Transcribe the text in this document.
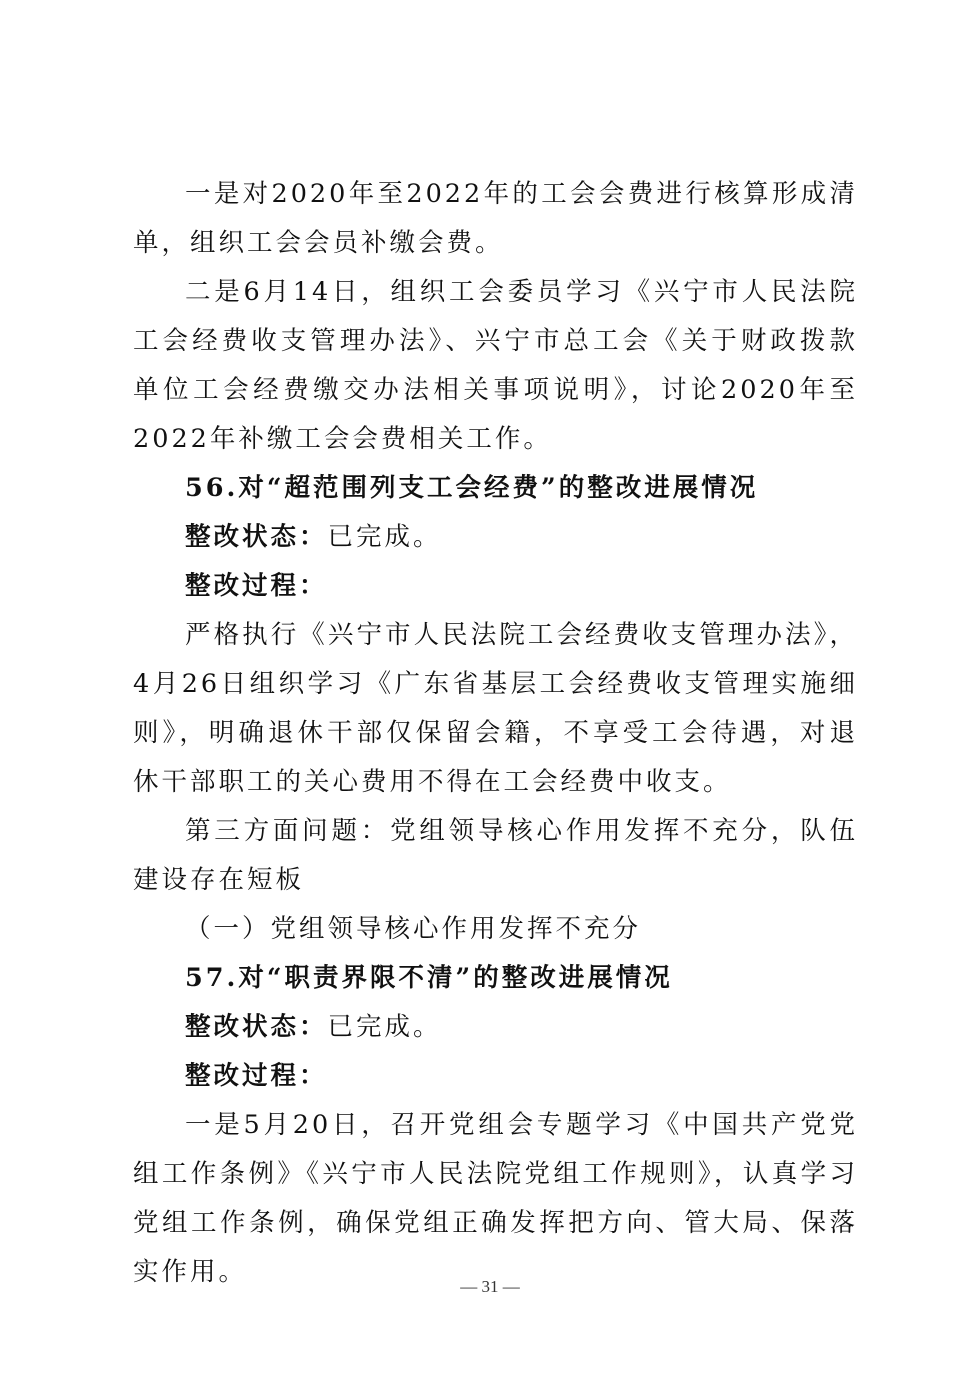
一是对2020年至2022年的工会会费进行核算形成清单，组织工会会员补缴会费。

二是6月14日，组织工会委员学习《兴宁市人民法院工会经费收支管理办法》、兴宁市总工会《关于财政拨款单位工会经费缴交办法相关事项说明》，讨论2020年至2022年补缴工会会费相关工作。

56.对“超范围列支工会经费”的整改进展情况

整改状态：已完成。

整改过程：

严格执行《兴宁市人民法院工会经费收支管理办法》，4月26日组织学习《广东省基层工会经费收支管理实施细则》，明确退休干部仅保留会籍，不享受工会待遇，对退休干部职工的关心费用不得在工会经费中收支。

第三方面问题：党组领导核心作用发挥不充分，队伍建设存在短板

（一）党组领导核心作用发挥不充分

57.对“职责界限不清”的整改进展情况

整改状态：已完成。

整改过程：

一是5月20日，召开党组会专题学习《中国共产党党组工作条例》《兴宁市人民法院党组工作规则》，认真学习党组工作条例，确保党组正确发挥把方向、管大局、保落实作用。	— 31 —
